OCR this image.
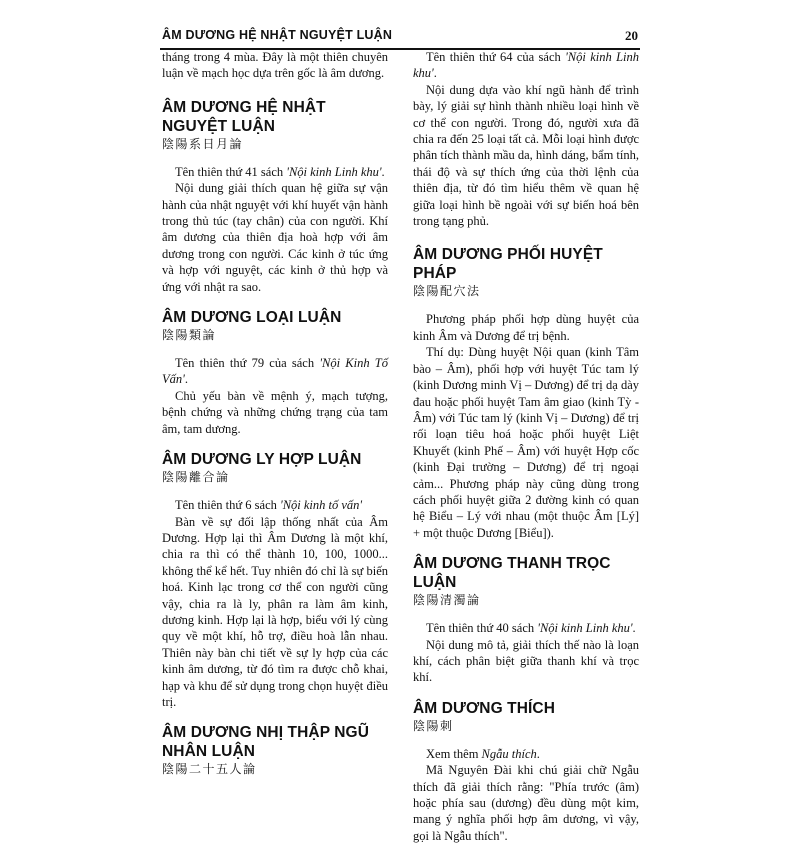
ÂM DƯƠNG HỆ NHẬT NGUYỆT LUẬN	20

tháng trong 4 mùa. Đây là một thiên chuyên luận về mạch học dựa trên gốc là âm dương.

ÂM DƯƠNG HỆ NHẬT NGUYỆT LUẬN
陰陽系日月論

Tên thiên thứ 41 sách 'Nội kinh Linh khu'.

Nội dung giải thích quan hệ giữa sự vận hành của nhật nguyệt với khí huyết vận hành trong thủ túc (tay chân) của con người. Khí âm dương của thiên địa hoà hợp với âm dương trong con người. Các kinh ở túc ứng và hợp với nguyệt, các kinh ở thủ hợp và ứng với nhật ra sao.

ÂM DƯƠNG LOẠI LUẬN
陰陽類論

Tên thiên thứ 79 của sách 'Nội Kinh Tố Vấn'.

Chủ yếu bàn về mệnh ý, mạch tượng, bệnh chứng và những chứng trạng của tam âm, tam dương.

ÂM DƯƠNG LY HỢP LUẬN
陰陽離合論

Tên thiên thứ 6 sách 'Nội kinh tố vấn'

Bàn về sự đối lập thống nhất của Âm Dương. Hợp lại thì Âm Dương là một khí, chia ra thì có thể thành 10, 100, 1000... không thể kể hết. Tuy nhiên đó chỉ là sự biến hoá. Kinh lạc trong cơ thể con người cũng vậy, chia ra là ly, phân ra làm âm kinh, dương kinh. Hợp lại là hợp, biểu với lý cùng quy về một khí, hỗ trợ, điều hoà lẫn nhau. Thiên này bàn chi tiết về sự ly hợp của các kinh âm dương, từ đó tìm ra được chỗ khai, hạp và khu để sử dụng trong chọn huyệt điều trị.

ÂM DƯƠNG NHỊ THẬP NGŨ NHÂN LUẬN
陰陽二十五人論

Tên thiên thứ 64 của sách 'Nội kinh Linh khu'.

Nội dung dựa vào khí ngũ hành để trình bày, lý giải sự hình thành nhiều loại hình về cơ thể con người. Trong đó, người xưa đã chia ra đến 25 loại tất cả. Mỗi loại hình được phân tích thành mầu da, hình dáng, bẩm tính, thái độ và sự thích ứng của thời lệnh của thiên địa, từ đó tìm hiểu thêm về quan hệ giữa loại hình bề ngoài với sự biến hoá bên trong tạng phủ.

ÂM DƯƠNG PHỐI HUYỆT PHÁP
陰陽配穴法

Phương pháp phối hợp dùng huyệt của kinh Âm và Dương để trị bệnh.

Thí dụ: Dùng huyệt Nội quan (kinh Tâm bào – Âm), phối hợp với huyệt Túc tam lý (kinh Dương minh Vị – Dương) để trị dạ dày đau hoặc phối huyệt Tam âm giao (kinh Tỳ - Âm) với Túc tam lý (kinh Vị – Dương) để trị rối loạn tiêu hoá hoặc phối huyệt Liệt Khuyết (kinh Phế – Âm) với huyệt Hợp cốc (kinh Đại trường – Dương) để trị ngoại cảm... Phương pháp này cũng dùng trong cách phối huyệt giữa 2 đường kinh có quan hệ Biểu – Lý với nhau (một thuộc Âm [Lý] + một thuộc Dương [Biểu]).

ÂM DƯƠNG THANH TRỌC LUẬN
陰陽清濁論

Tên thiên thứ 40 sách 'Nội kinh Linh khu'.

Nội dung mô tả, giải thích thế nào là loạn khí, cách phân biệt giữa thanh khí và trọc khí.

ÂM DƯƠNG THÍCH
陰陽刺

Xem thêm Ngẫu thích.

Mã Nguyên Đài khi chú giải chữ Ngẫu thích đã giải thích rằng: "Phía trước (âm) hoặc phía sau (dương) đều dùng một kim, mang ý nghĩa phối hợp âm dương, vì vậy, gọi là Ngẫu thích".
